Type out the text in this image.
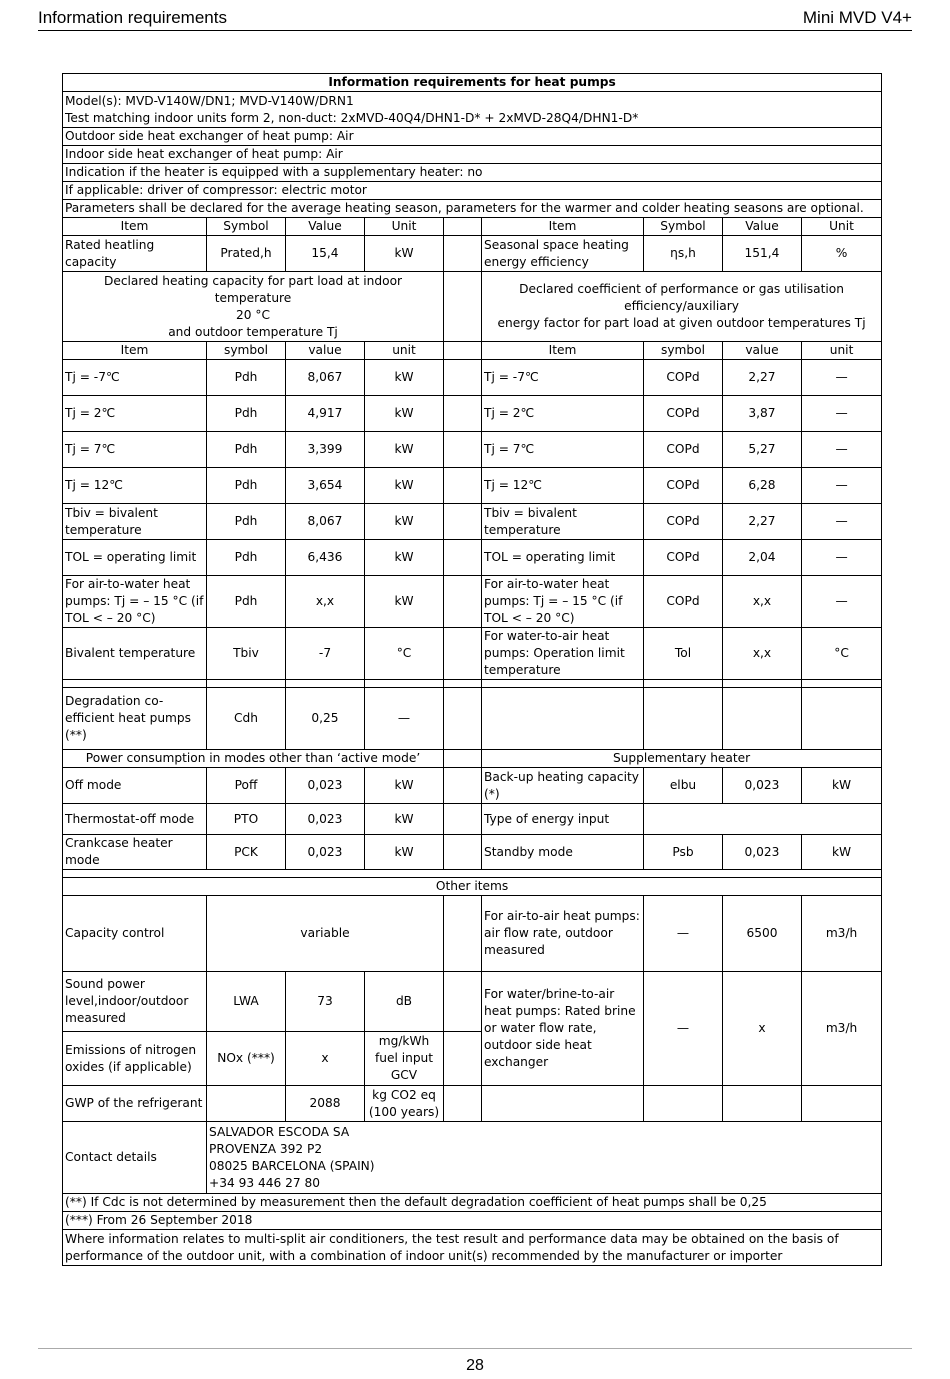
Information requirements	Mini MVD V4+
Information requirements for heat pumps								

Model(s): MVD-V140W/DN1; MVD-V140W/DRN1
Test matching indoor units form 2, non-duct: 2xMVD-40Q4/DHN1-D* + 2xMVD-28Q4/DHN1-D*								

Outdoor side heat exchanger of heat pump: Air								
Indoor side heat exchanger of heat pump: Air								
Indication if the heater is equipped with a supplementary heater: no								
If applicable: driver of compressor: electric motor								
Parameters shall be declared for the average heating season, parameters for the warmer and colder heating seasons are optional.								
Item	Symbol	Value	Unit		Item	Symbol	Value	Unit
Rated heatling capacity	Prated,h	15,4	kW		Seasonal space heating energy efficiency	ηs,h	151,4	%
Declared heating capacity for part load at indoor temperature
20 °C
and outdoor temperature Tj					Declared coefficient of performance or gas utilisation efficiency/auxiliary
energy factor for part load at given outdoor temperatures Tj			
Item	symbol	value	unit		Item	symbol	value	unit
Tj = -7℃	Pdh	8,067	kW		Tj = -7℃	COPd	2,27	—
Tj = 2℃	Pdh	4,917	kW		Tj = 2℃	COPd	3,87	—
Tj = 7℃	Pdh	3,399	kW		Tj = 7℃	COPd	5,27	—
Tj = 12℃	Pdh	3,654	kW		Tj = 12℃	COPd	6,28	—
Tbiv = bivalent temperature	Pdh	8,067	kW		Tbiv = bivalent temperature	COPd	2,27	—
TOL = operating limit	Pdh	6,436	kW		TOL = operating limit	COPd	2,04	—
For air-to-water heat pumps: Tj = – 15 °C (if TOL < – 20 °C)	Pdh	x,x	kW		For air-to-water heat pumps: Tj = – 15 °C (if TOL < – 20 °C)	COPd	x,x	—
Bivalent temperature	Tbiv	-7	°C		For water-to-air heat pumps: Operation limit temperature	Tol	x,x	°C

Degradation co-efficient heat pumps (**)	Cdh	0,25	—					
Power consumption in modes other than ‘active mode’					Supplementary heater			
Off mode	Poff	0,023	kW		Back-up heating capacity (*)	elbu	0,023	kW
Thermostat-off mode	PTO	0,023	kW		Type of energy input			
Crankcase heater mode	PCK	0,023	kW		Standby mode	Psb	0,023	kW

Other items								
Capacity control	variable				For air-to-air heat pumps: air flow rate, outdoor measured	—	6500	m3/h
Sound power level,indoor/outdoor measured	LWA	73	dB		For water/brine-to-air heat pumps: Rated brine or water flow rate, outdoor side heat exchanger	—	x	m3/h
Emissions of nitrogen oxides (if applicable)	NOx (***)	x	mg/kWh fuel input GCV					
GWP of the refrigerant		2088	kg CO2 eq (100 years)					
Contact details	SALVADOR ESCODA SA
PROVENZA 392 P2
08025 BARCELONA (SPAIN)
+34 93 446 27 80							
(**) If Cdc is not determined by measurement then the default degradation coefficient of heat pumps shall be 0,25								
(***) From 26 September 2018								
Where information relates to multi-split air conditioners, the test result and performance data may be obtained on the basis of performance of the outdoor unit, with a combination of indoor unit(s) recommended by the manufacturer or importer								
28
